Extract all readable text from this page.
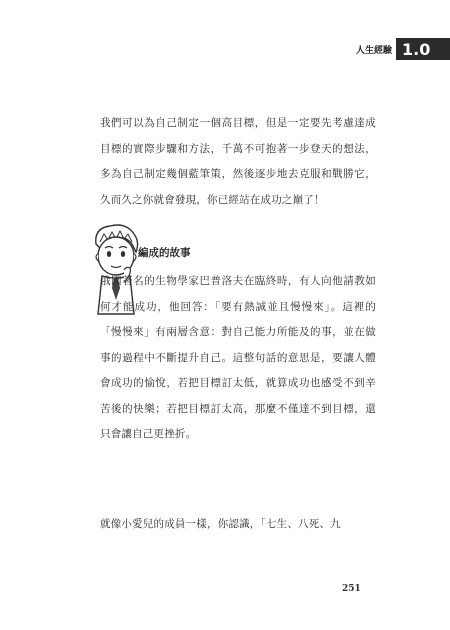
人生經驗 1.0

我們可以為自己制定一個高目標，但是一定要先考慮達成目標的實際步驟和方法，千萬不可抱著一步登天的想法，多為自己制定幾個藍筆策，然後逐步地去克服和戰勝它，久而久之你就會發現，你已經站在成功之巔了！

編成的故事

俄國著名的生物學家巴普洛夫在臨終時，有人向他請教如何才能成功，他回答：「要有熱誠並且慢慢來」。這裡的「慢慢來」有兩層含意：對自己能力所能及的事，並在做事的過程中不斷提升自己。這整句話的意思是，要讓人體會成功的愉悅，若把目標訂太低，就算成功也感受不到辛苦後的快樂；若把目標訂太高，那麼不僅達不到目標，還只會讓自己更挫折。

就像小愛兒的成員一樣，你認識，「七生、八死、九

251
